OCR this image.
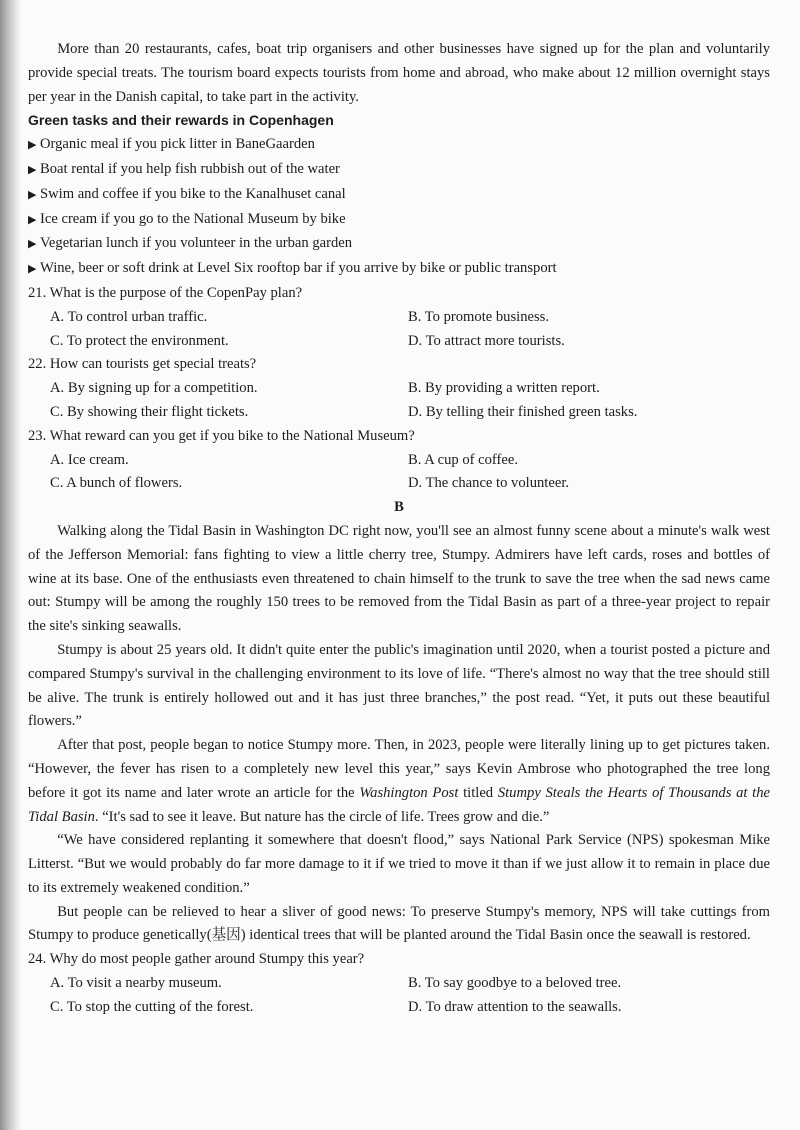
More than 20 restaurants, cafes, boat trip organisers and other businesses have signed up for the plan and voluntarily provide special treats. The tourism board expects tourists from home and abroad, who make about 12 million overnight stays per year in the Danish capital, to take part in the activity.

Green tasks and their rewards in Copenhagen

▶ Organic meal if you pick litter in BaneGaarden

▶ Boat rental if you help fish rubbish out of the water

▶ Swim and coffee if you bike to the Kanalhuset canal

▶ Ice cream if you go to the National Museum by bike

▶ Vegetarian lunch if you volunteer in the urban garden

▶ Wine, beer or soft drink at Level Six rooftop bar if you arrive by bike or public transport

21. What is the purpose of the CopenPay plan?

A. To control urban traffic.	B. To promote business.
C. To protect the environment.	D. To attract more tourists.

22. How can tourists get special treats?

A. By signing up for a competition.	B. By providing a written report.
C. By showing their flight tickets.	D. By telling their finished green tasks.

23. What reward can you get if you bike to the National Museum?

A. Ice cream.	B. A cup of coffee.
C. A bunch of flowers.	D. The chance to volunteer.

B

Walking along the Tidal Basin in Washington DC right now, you'll see an almost funny scene about a minute's walk west of the Jefferson Memorial: fans fighting to view a little cherry tree, Stumpy. Admirers have left cards, roses and bottles of wine at its base. One of the enthusiasts even threatened to chain himself to the trunk to save the tree when the sad news came out: Stumpy will be among the roughly 150 trees to be removed from the Tidal Basin as part of a three-year project to repair the site's sinking seawalls.

Stumpy is about 25 years old. It didn't quite enter the public's imagination until 2020, when a tourist posted a picture and compared Stumpy's survival in the challenging environment to its love of life. “There's almost no way that the tree should still be alive. The trunk is entirely hollowed out and it has just three branches,” the post read. “Yet, it puts out these beautiful flowers.”

After that post, people began to notice Stumpy more. Then, in 2023, people were literally lining up to get pictures taken. “However, the fever has risen to a completely new level this year,” says Kevin Ambrose who photographed the tree long before it got its name and later wrote an article for the Washington Post titled Stumpy Steals the Hearts of Thousands at the Tidal Basin. “It's sad to see it leave. But nature has the circle of life. Trees grow and die.”

“We have considered replanting it somewhere that doesn't flood,” says National Park Service (NPS) spokesman Mike Litterst. “But we would probably do far more damage to it if we tried to move it than if we just allow it to remain in place due to its extremely weakened condition.”

But people can be relieved to hear a sliver of good news: To preserve Stumpy's memory, NPS will take cuttings from Stumpy to produce genetically(基因) identical trees that will be planted around the Tidal Basin once the seawall is restored.

24. Why do most people gather around Stumpy this year?

A. To visit a nearby museum.	B. To say goodbye to a beloved tree.
C. To stop the cutting of the forest.	D. To draw attention to the seawalls.
